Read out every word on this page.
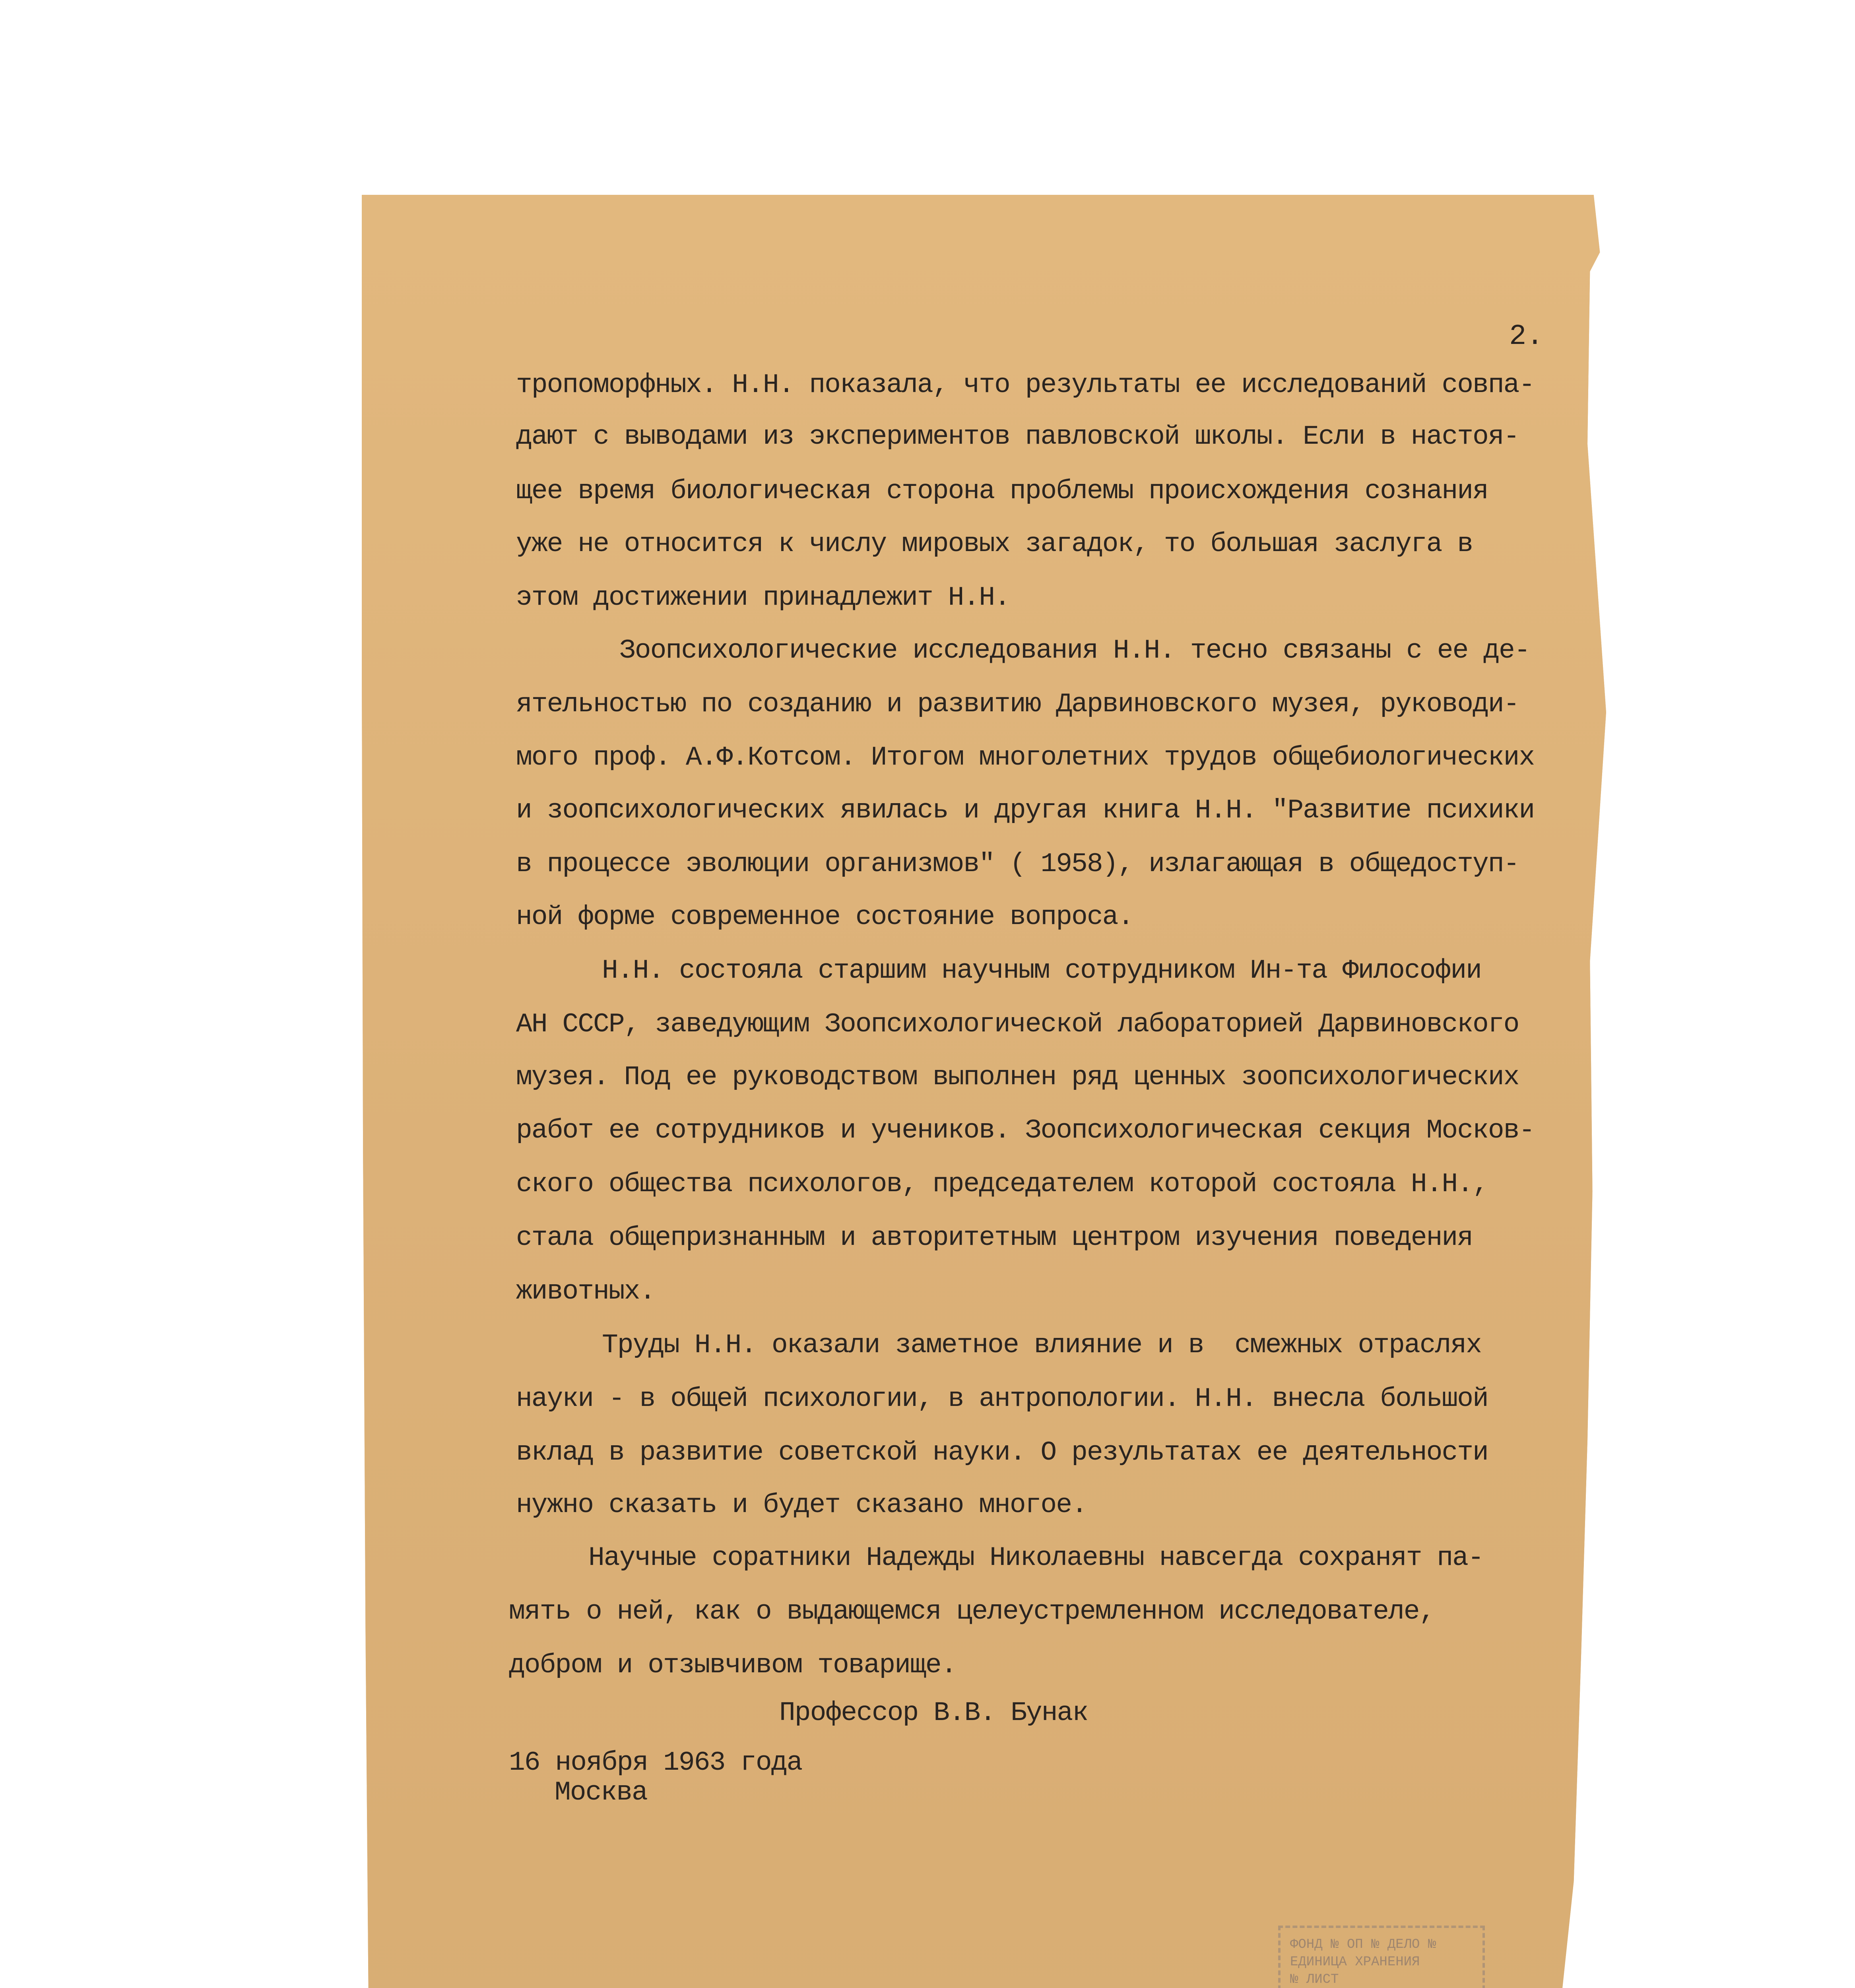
2.
тропоморфных. Н.Н. показала, что результаты ее исследований совпа-
дают с выводами из экспериментов павловской школы. Если в настоя-
щее время биологическая сторона проблемы происхождения сознания
уже не относится к числу мировых загадок, то большая заслуга в
этом достижении принадлежит Н.Н.
Зоопсихологические исследования Н.Н. тесно связаны с ее де-
ятельностью по созданию и развитию Дарвиновского музея, руководи-
мого проф. А.Ф.Котсом. Итогом многолетних трудов общебиологических
и зоопсихологических явилась и другая книга Н.Н. "Развитие психики
в процессе эволюции организмов" ( 1958), излагающая в общедоступ-
ной форме современное состояние вопроса.
Н.Н. состояла старшим научным сотрудником Ин-та Философии
АН СССР, заведующим Зоопсихологической лабораторией Дарвиновского
музея. Под ее руководством выполнен ряд ценных зоопсихологических
работ ее сотрудников и учеников. Зоопсихологическая секция Москов-
ского общества психологов, председателем которой состояла Н.Н.,
стала общепризнанным и авторитетным центром изучения поведения
животных.
Труды Н.Н. оказали заметное влияние и в  смежных отраслях
науки - в общей психологии, в антропологии. Н.Н. внесла большой
вклад в развитие советской науки. О результатах ее деятельности
нужно сказать и будет сказано многое.
Научные соратники Надежды Николаевны навсегда сохранят па-
мять о ней, как о выдающемся целеустремленном исследователе,
добром и отзывчивом товарище.
Профессор В.В. Бунак
16 ноября 1963 года
Москва
ФОНД № ОП № ДЕЛО №
ЕДИНИЦА ХРАНЕНИЯ
№ ЛИСТ
